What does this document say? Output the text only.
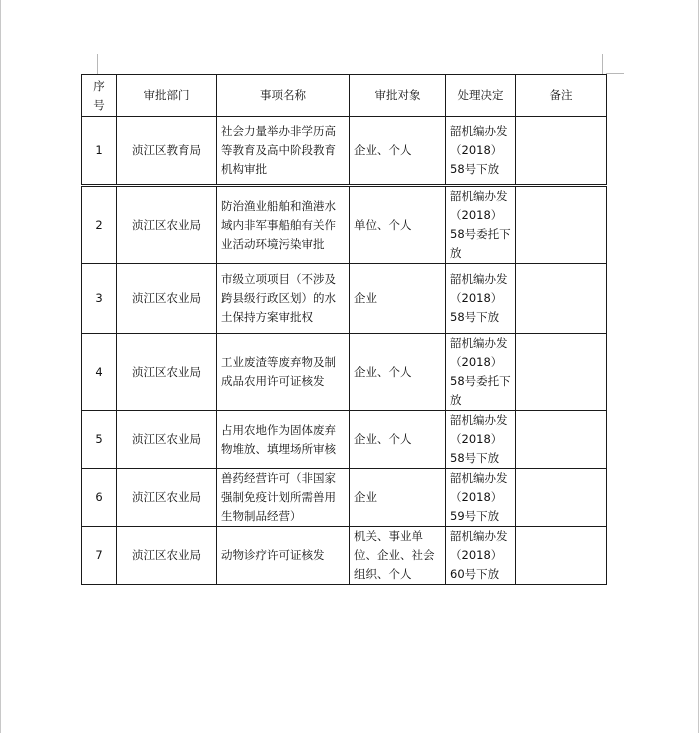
序号	审批部门	事项名称	审批对象	处理决定	备注
1	浈江区教育局	社会力量举办非学历高等教育及高中阶段教育机构审批	企业、个人	韶机编办发（2018）58号下放	
2	浈江区农业局	防治渔业船舶和渔港水域内非军事船舶有关作业活动环境污染审批	单位、个人	韶机编办发（2018）58号委托下放	
3	浈江区农业局	市级立项项目（不涉及跨县级行政区划）的水土保持方案审批权	企业	韶机编办发（2018）58号下放	
4	浈江区农业局	工业废渣等废弃物及制成品农用许可证核发	企业、个人	韶机编办发（2018）58号委托下放	
5	浈江区农业局	占用农地作为固体废弃物堆放、填埋场所审核	企业、个人	韶机编办发（2018）58号下放	
6	浈江区农业局	兽药经营许可（非国家强制免疫计划所需兽用生物制品经营）	企业	韶机编办发（2018）59号下放	
7	浈江区农业局	动物诊疗许可证核发	机关、事业单位、企业、社会组织、个人	韶机编办发（2018）60号下放	
